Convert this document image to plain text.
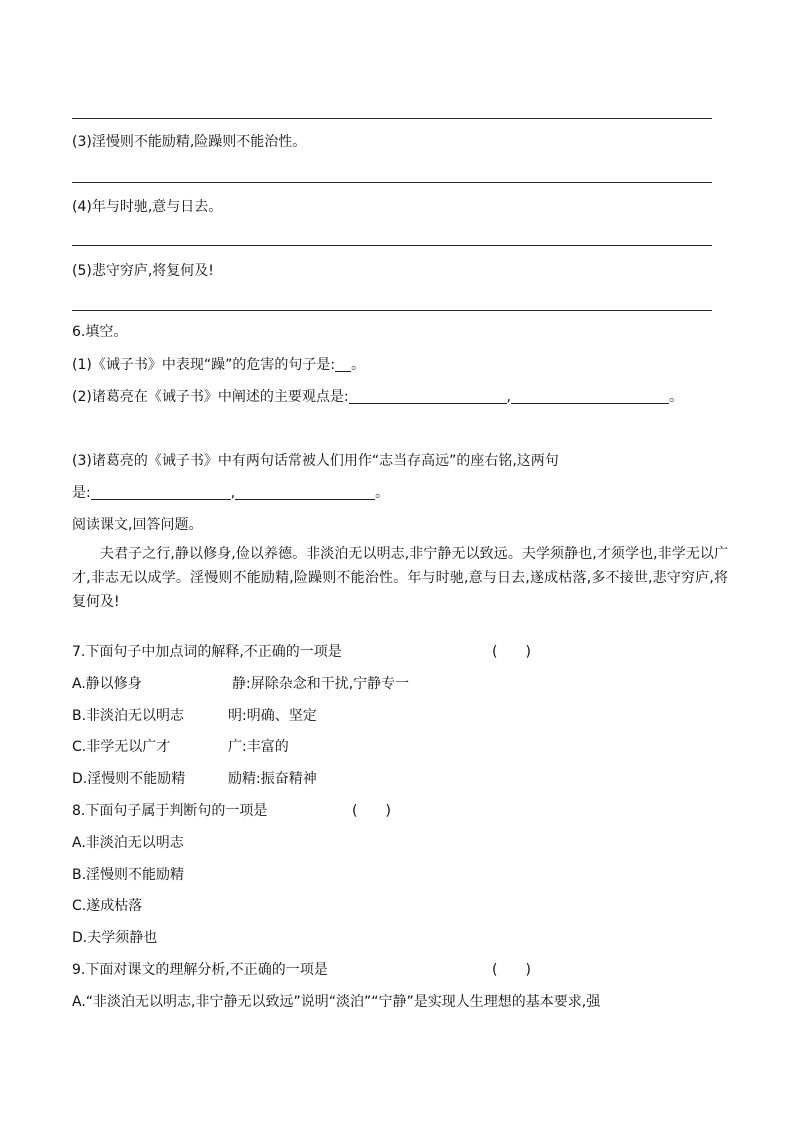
(3)淫慢则不能励精,险躁则不能治性。
(4)年与时驰,意与日去。
(5)悲守穷庐,将复何及!
6.填空。
(1)《诫子书》中表现“躁”的危害的句子是: 。
(2)诸葛亮在《诫子书》中阐述的主要观点是:	,	。
(3)诸葛亮的《诫子书》中有两句话常被人们用作“志当存高远”的座右铭,这两句
是:	,	。
阅读课文,回答问题。
夫君子之行,静以修身,俭以养德。非淡泊无以明志,非宁静无以致远。夫学须静也,才须学也,非学无以广才,非志无以成学。淫慢则不能励精,险躁则不能治性。年与时驰,意与日去,遂成枯落,多不接世,悲守穷庐,将复何及!
7.下面句子中加点词的解释,不正确的一项是	(　　)
A.静以修身	静:屏除杂念和干扰,宁静专一
B.非淡泊无以明志	明:明确、坚定
C.非学无以广才	广:丰富的
D.淫慢则不能励精	励精:振奋精神
8.下面句子属于判断句的一项是	(　　)
A.非淡泊无以明志
B.淫慢则不能励精
C.遂成枯落
D.夫学须静也
9.下面对课文的理解分析,不正确的一项是	(　　)
A.“非淡泊无以明志,非宁静无以致远”说明“淡泊”“宁静”是实现人生理想的基本要求,强
